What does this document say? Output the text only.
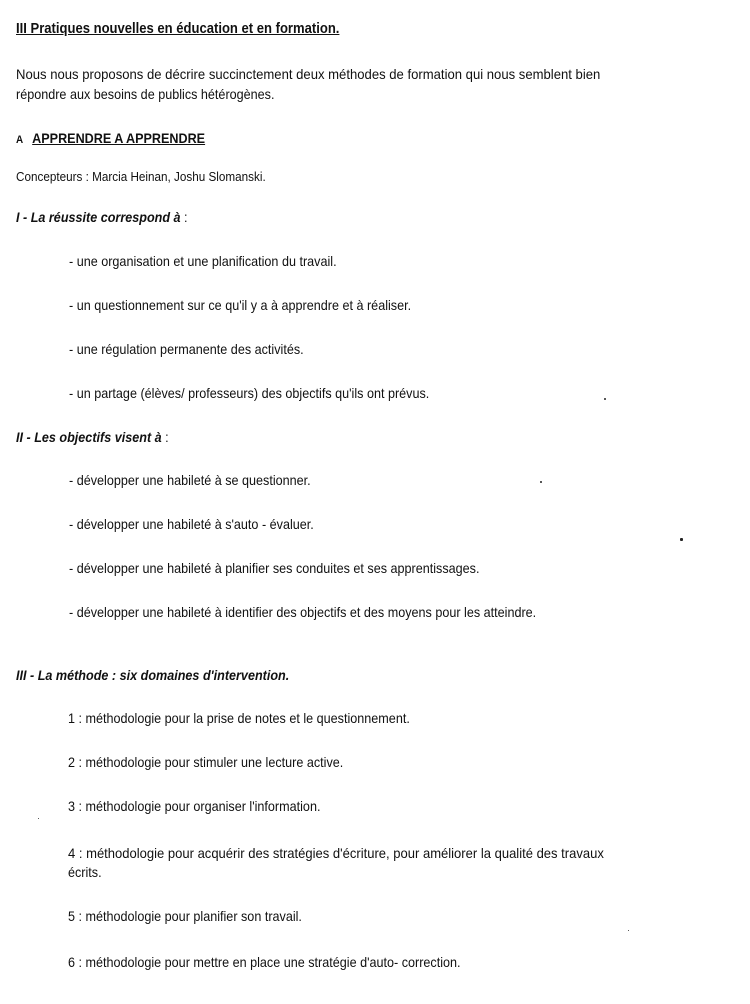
III Pratiques nouvelles en éducation et en formation.
Nous nous proposons de décrire succinctement deux méthodes de formation qui nous semblent bien
répondre aux besoins de publics hétérogènes.
A APPRENDRE A APPRENDRE
Concepteurs : Marcia Heinan, Joshu Slomanski.
I - La réussite correspond à :
- une organisation et une planification du travail.
- un questionnement sur ce qu'il y a à apprendre et à réaliser.
- une régulation permanente des activités.
- un partage (élèves/ professeurs) des objectifs qu'ils ont prévus.
II - Les objectifs visent à :
- développer une habileté à se questionner.
- développer une habileté à s'auto - évaluer.
- développer une habileté à planifier ses conduites et ses apprentissages.
- développer une habileté à identifier des objectifs et des moyens pour les atteindre.
III - La méthode : six domaines d'intervention.
1 : méthodologie pour la prise de notes et le questionnement.
2 : méthodologie pour stimuler une lecture active.
3 : méthodologie pour organiser l'information.
4 : méthodologie pour acquérir des stratégies d'écriture, pour améliorer la qualité des travaux
écrits.
5 : méthodologie pour planifier son travail.
6 : méthodologie pour mettre en place une stratégie d'auto- correction.
